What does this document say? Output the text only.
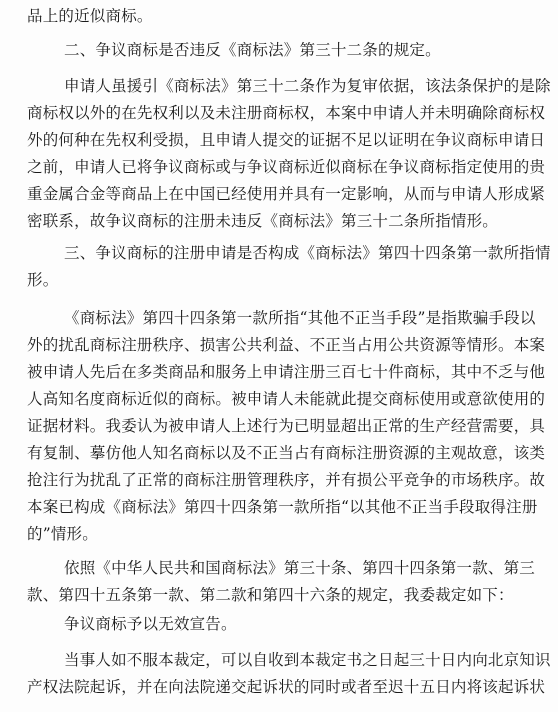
品上的近似商标。
二、争议商标是否违反《商标法》第三十二条的规定。
申请人虽援引《商标法》第三十二条作为复审依据，该法条保护的是除
商标权以外的在先权利以及未注册商标权，本案中申请人并未明确除商标权
外的何种在先权利受损，且申请人提交的证据不足以证明在争议商标申请日
之前，申请人已将争议商标或与争议商标近似商标在争议商标指定使用的贵
重金属合金等商品上在中国已经使用并具有一定影响，从而与申请人形成紧
密联系，故争议商标的注册未违反《商标法》第三十二条所指情形。
三、争议商标的注册申请是否构成《商标法》第四十四条第一款所指情
形。
《商标法》第四十四条第一款所指“其他不正当手段”是指欺骗手段以
外的扰乱商标注册秩序、损害公共利益、不正当占用公共资源等情形。本案
被申请人先后在多类商品和服务上申请注册三百七十件商标，其中不乏与他
人高知名度商标近似的商标。被申请人未能就此提交商标使用或意欲使用的
证据材料。我委认为被申请人上述行为已明显超出正常的生产经营需要，具
有复制、摹仿他人知名商标以及不正当占有商标注册资源的主观故意，该类
抢注行为扰乱了正常的商标注册管理秩序，并有损公平竞争的市场秩序。故
本案已构成《商标法》第四十四条第一款所指“以其他不正当手段取得注册
的”情形。
依照《中华人民共和国商标法》第三十条、第四十四条第一款、第三
款、第四十五条第一款、第二款和第四十六条的规定，我委裁定如下：
争议商标予以无效宣告。
当事人如不服本裁定，可以自收到本裁定书之日起三十日内向北京知识
产权法院起诉，并在向法院递交起诉状的同时或者至迟十五日内将该起诉状
